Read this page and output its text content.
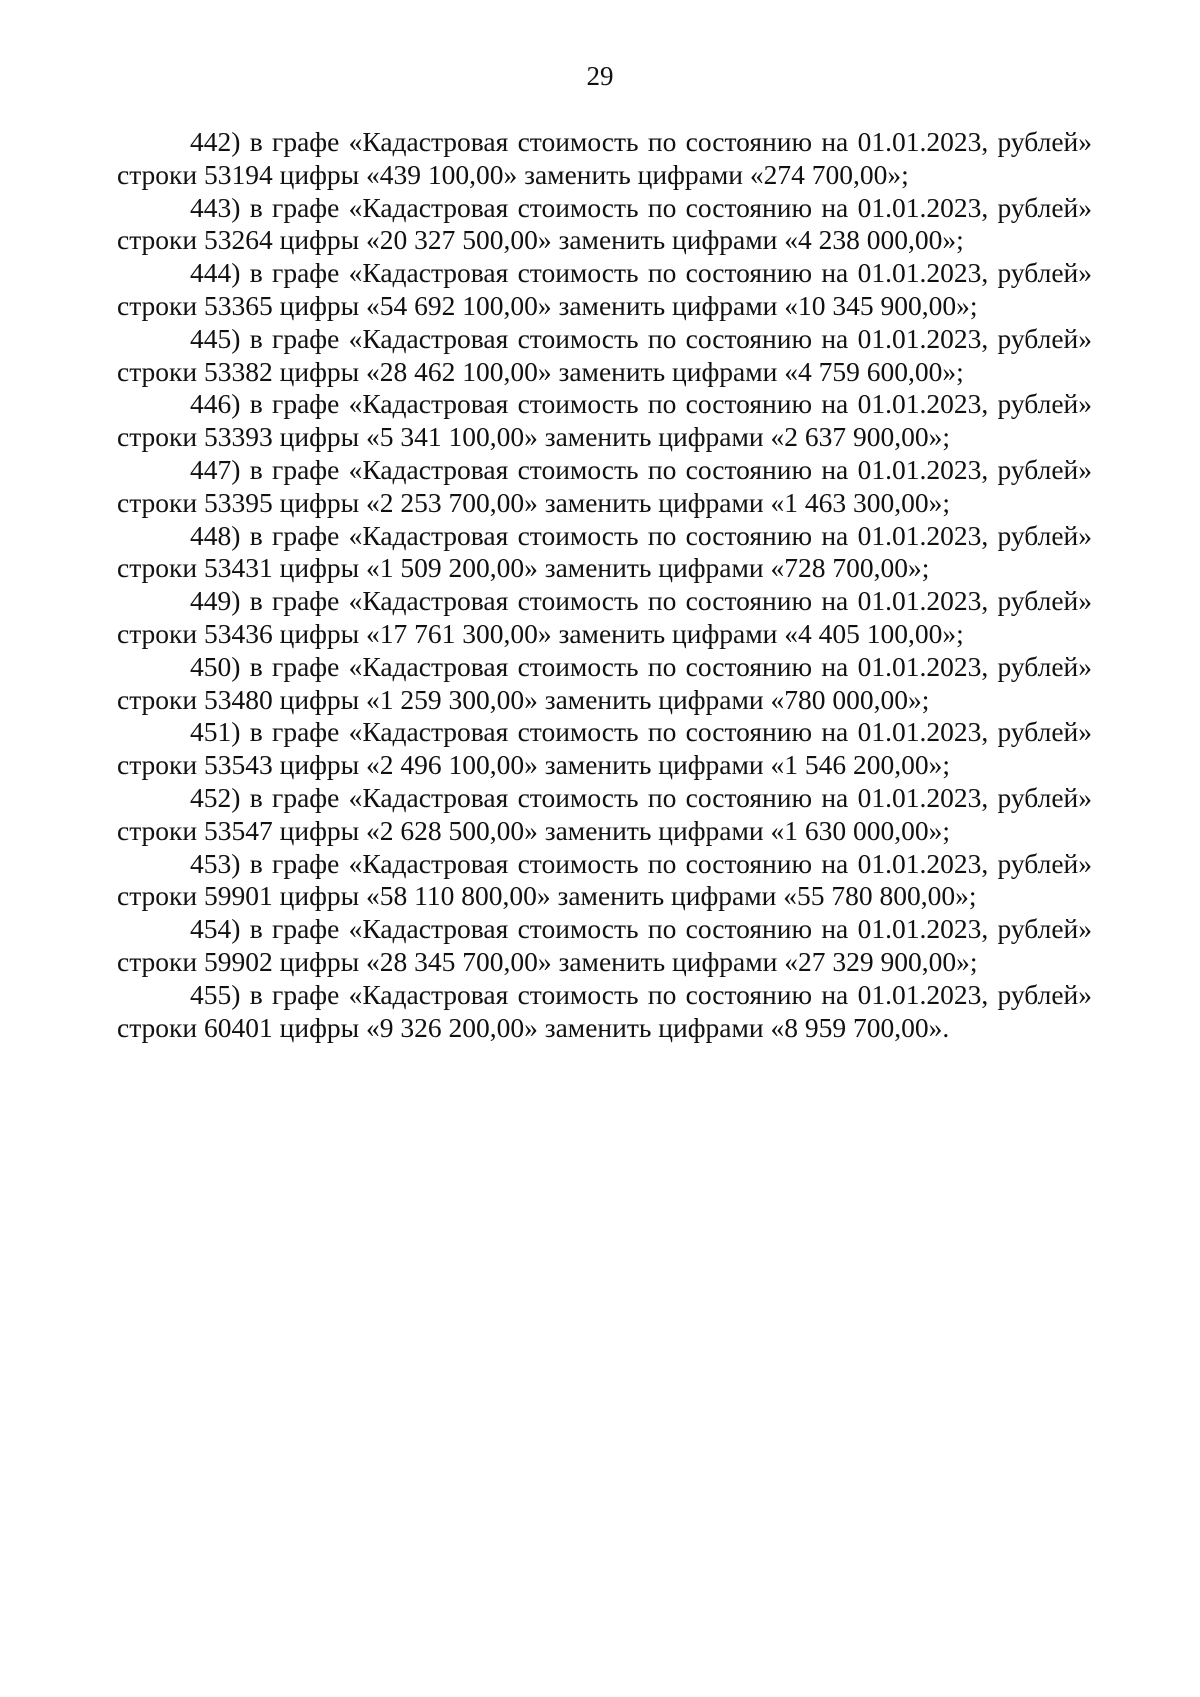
29

442) в графе «Кадастровая стоимость по состоянию на 01.01.2023, рублей» строки 53194 цифры «439 100,00» заменить цифрами «274 700,00»;

443) в графе «Кадастровая стоимость по состоянию на 01.01.2023, рублей» строки 53264 цифры «20 327 500,00» заменить цифрами «4 238 000,00»;

444) в графе «Кадастровая стоимость по состоянию на 01.01.2023, рублей» строки 53365 цифры «54 692 100,00» заменить цифрами «10 345 900,00»;

445) в графе «Кадастровая стоимость по состоянию на 01.01.2023, рублей» строки 53382 цифры «28 462 100,00» заменить цифрами «4 759 600,00»;

446) в графе «Кадастровая стоимость по состоянию на 01.01.2023, рублей» строки 53393 цифры «5 341 100,00» заменить цифрами «2 637 900,00»;

447) в графе «Кадастровая стоимость по состоянию на 01.01.2023, рублей» строки 53395 цифры «2 253 700,00» заменить цифрами «1 463 300,00»;

448) в графе «Кадастровая стоимость по состоянию на 01.01.2023, рублей» строки 53431 цифры «1 509 200,00» заменить цифрами «728 700,00»;

449) в графе «Кадастровая стоимость по состоянию на 01.01.2023, рублей» строки 53436 цифры «17 761 300,00» заменить цифрами «4 405 100,00»;

450) в графе «Кадастровая стоимость по состоянию на 01.01.2023, рублей» строки 53480 цифры «1 259 300,00» заменить цифрами «780 000,00»;

451) в графе «Кадастровая стоимость по состоянию на 01.01.2023, рублей» строки 53543 цифры «2 496 100,00» заменить цифрами «1 546 200,00»;

452) в графе «Кадастровая стоимость по состоянию на 01.01.2023, рублей» строки 53547 цифры «2 628 500,00» заменить цифрами «1 630 000,00»;

453) в графе «Кадастровая стоимость по состоянию на 01.01.2023, рублей» строки 59901 цифры «58 110 800,00» заменить цифрами «55 780 800,00»;

454) в графе «Кадастровая стоимость по состоянию на 01.01.2023, рублей» строки 59902 цифры «28 345 700,00» заменить цифрами «27 329 900,00»;

455) в графе «Кадастровая стоимость по состоянию на 01.01.2023, рублей» строки 60401 цифры «9 326 200,00» заменить цифрами «8 959 700,00».
